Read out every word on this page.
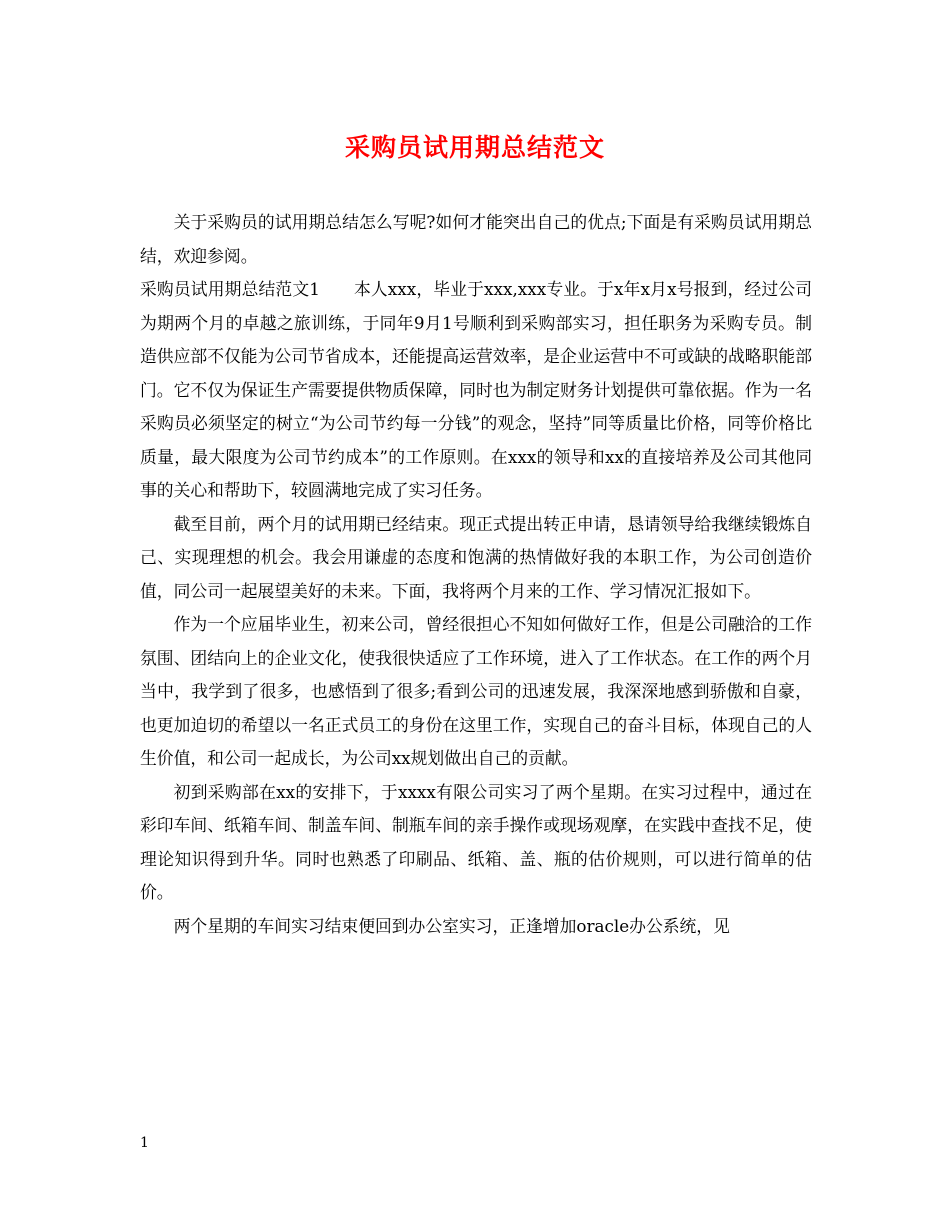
采购员试用期总结范文

关于采购员的试用期总结怎么写呢?如何才能突出自己的优点;下面是有采购员试用期总结，欢迎参阅。

采购员试用期总结范文1　　本人xxx，毕业于xxx,xxx专业。于x年x月x号报到，经过公司为期两个月的卓越之旅训练，于同年9月1号顺利到采购部实习，担任职务为采购专员。制造供应部不仅能为公司节省成本，还能提高运营效率，是企业运营中不可或缺的战略职能部门。它不仅为保证生产需要提供物质保障，同时也为制定财务计划提供可靠依据。作为一名采购员必须坚定的树立“为公司节约每一分钱”的观念，坚持”同等质量比价格，同等价格比质量，最大限度为公司节约成本”的工作原则。在xxx的领导和xx的直接培养及公司其他同事的关心和帮助下，较圆满地完成了实习任务。

截至目前，两个月的试用期已经结束。现正式提出转正申请，恳请领导给我继续锻炼自己、实现理想的机会。我会用谦虚的态度和饱满的热情做好我的本职工作，为公司创造价值，同公司一起展望美好的未来。下面，我将两个月来的工作、学习情况汇报如下。

作为一个应届毕业生，初来公司，曾经很担心不知如何做好工作，但是公司融洽的工作氛围、团结向上的企业文化，使我很快适应了工作环境，进入了工作状态。在工作的两个月当中，我学到了很多，也感悟到了很多;看到公司的迅速发展，我深深地感到骄傲和自豪，也更加迫切的希望以一名正式员工的身份在这里工作，实现自己的奋斗目标，体现自己的人生价值，和公司一起成长，为公司xx规划做出自己的贡献。

初到采购部在xx的安排下，于xxxx有限公司实习了两个星期。在实习过程中，通过在彩印车间、纸箱车间、制盖车间、制瓶车间的亲手操作或现场观摩，在实践中查找不足，使理论知识得到升华。同时也熟悉了印刷品、纸箱、盖、瓶的估价规则，可以进行简单的估价。

两个星期的车间实习结束便回到办公室实习，正逢增加oracle办公系统，见

1
